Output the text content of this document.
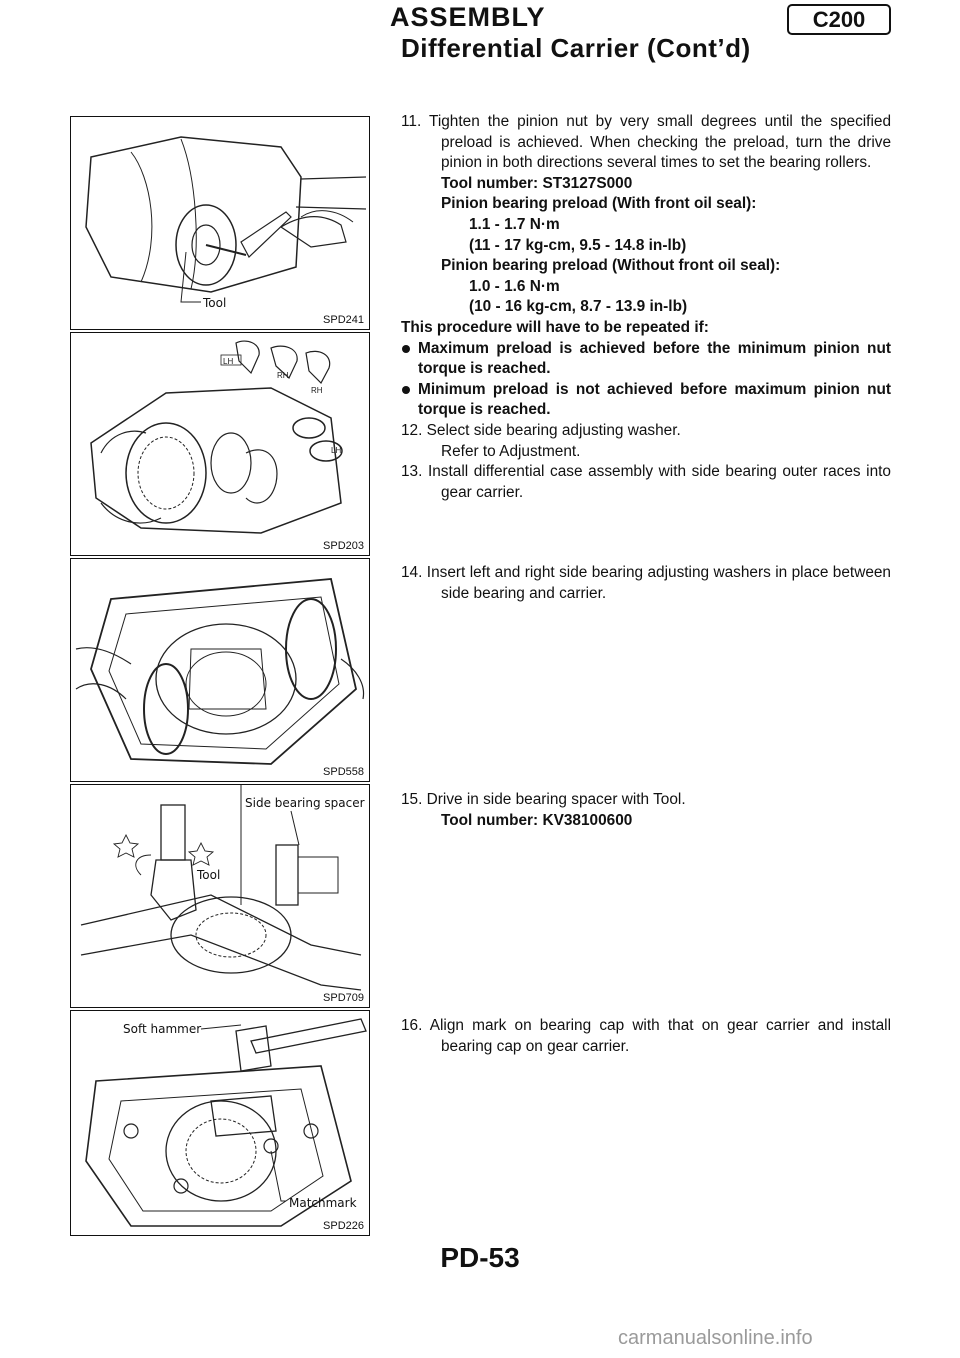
ASSEMBLY	C200
Differential Carrier (Cont’d)
Tool
SPD241
LH
RH
RH
LH
SPD203
SPD558
Side bearing spacer
Tool
SPD709
Soft hammer
Matchmark
SPD226

11. Tighten the pinion nut by very small degrees until the specified preload is achieved. When checking the preload, turn the drive pinion in both directions several times to set the bearing rollers.

Tool number: ST3127S000

Pinion bearing preload (With front oil seal):

1.1 - 1.7 N·m

(11 - 17 kg-cm, 9.5 - 14.8 in-lb)

Pinion bearing preload (Without front oil seal):

1.0 - 1.6 N·m

(10 - 16 kg-cm, 8.7 - 13.9 in-lb)

This procedure will have to be repeated if:

Maximum preload is achieved before the minimum pinion nut torque is reached.

Minimum preload is not achieved before maximum pinion nut torque is reached.

12. Select side bearing adjusting washer.

Refer to Adjustment.

13. Install differential case assembly with side bearing outer races into gear carrier.

14. Insert left and right side bearing adjusting washers in place between side bearing and carrier.

15. Drive in side bearing spacer with Tool.

Tool number: KV38100600

16. Align mark on bearing cap with that on gear carrier and install bearing cap on gear carrier.

PD-53

carmanualsonline.info
